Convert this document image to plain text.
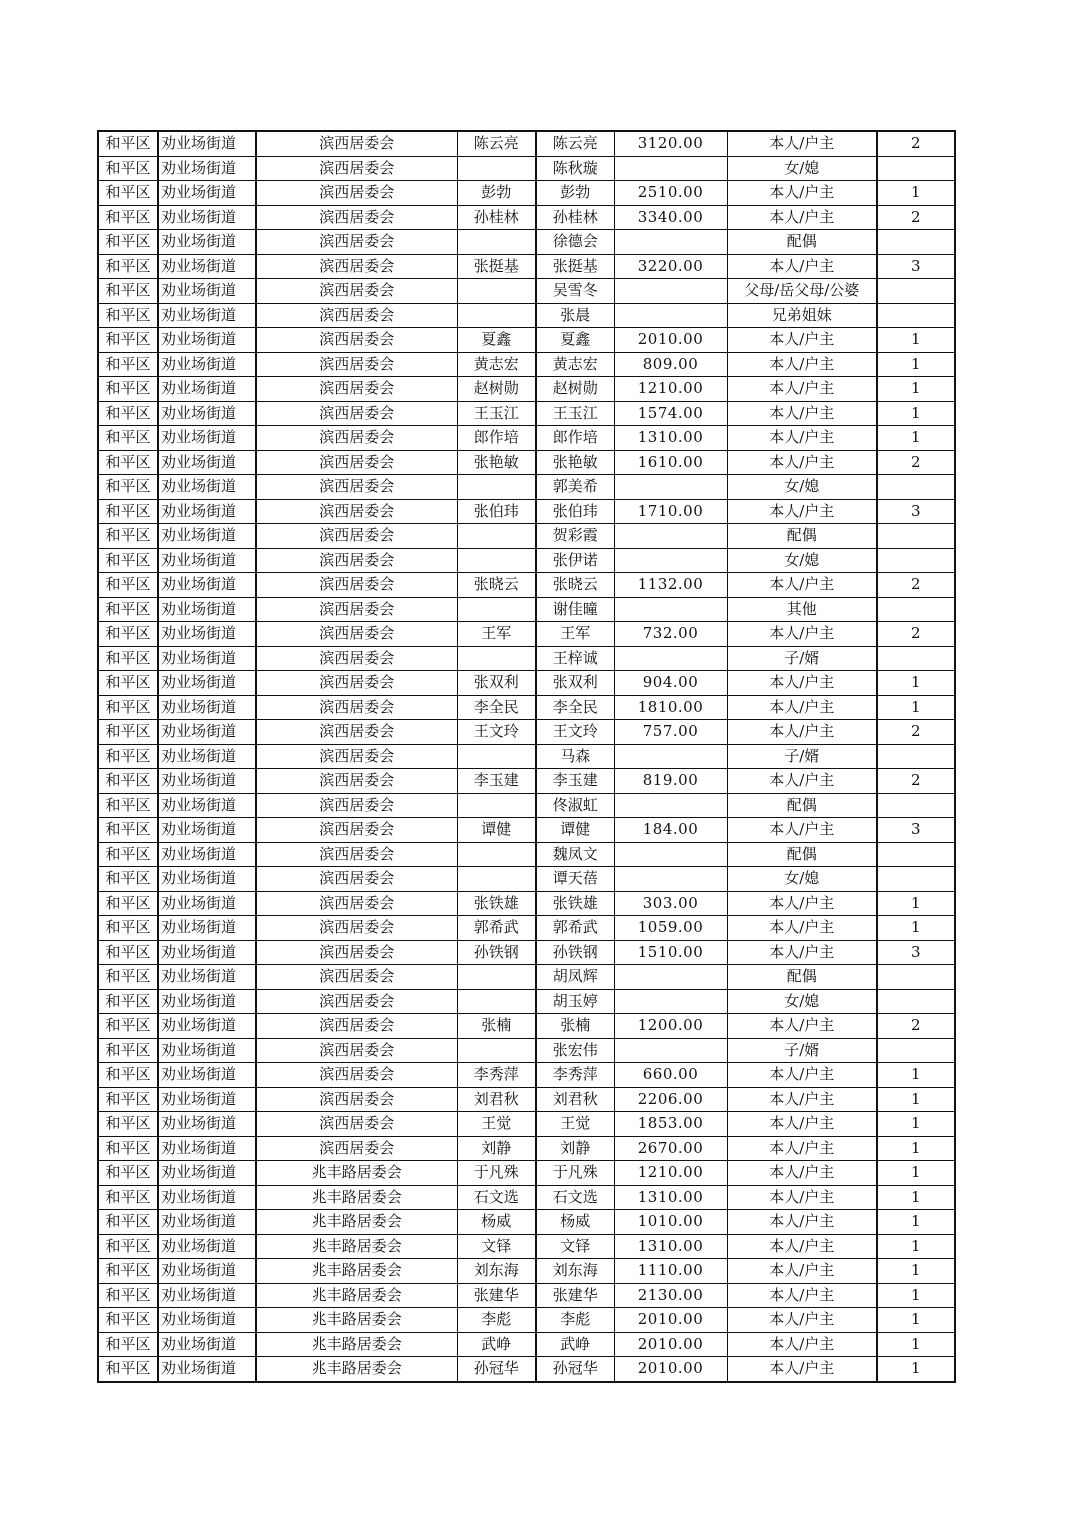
和平区	劝业场街道	滨西居委会	陈云亮	陈云亮	3120.00	本人/户主	2
和平区	劝业场街道	滨西居委会		陈秋璇		女/媳	
和平区	劝业场街道	滨西居委会	彭勃	彭勃	2510.00	本人/户主	1
和平区	劝业场街道	滨西居委会	孙桂林	孙桂林	3340.00	本人/户主	2
和平区	劝业场街道	滨西居委会		徐德会		配偶	
和平区	劝业场街道	滨西居委会	张挺基	张挺基	3220.00	本人/户主	3
和平区	劝业场街道	滨西居委会		吴雪冬		父母/岳父母/公婆	
和平区	劝业场街道	滨西居委会		张晨		兄弟姐妹	
和平区	劝业场街道	滨西居委会	夏鑫	夏鑫	2010.00	本人/户主	1
和平区	劝业场街道	滨西居委会	黄志宏	黄志宏	809.00	本人/户主	1
和平区	劝业场街道	滨西居委会	赵树勋	赵树勋	1210.00	本人/户主	1
和平区	劝业场街道	滨西居委会	王玉江	王玉江	1574.00	本人/户主	1
和平区	劝业场街道	滨西居委会	郎作培	郎作培	1310.00	本人/户主	1
和平区	劝业场街道	滨西居委会	张艳敏	张艳敏	1610.00	本人/户主	2
和平区	劝业场街道	滨西居委会		郭美希		女/媳	
和平区	劝业场街道	滨西居委会	张伯玮	张伯玮	1710.00	本人/户主	3
和平区	劝业场街道	滨西居委会		贺彩霞		配偶	
和平区	劝业场街道	滨西居委会		张伊诺		女/媳	
和平区	劝业场街道	滨西居委会	张晓云	张晓云	1132.00	本人/户主	2
和平区	劝业场街道	滨西居委会		谢佳曈		其他	
和平区	劝业场街道	滨西居委会	王军	王军	732.00	本人/户主	2
和平区	劝业场街道	滨西居委会		王梓诚		子/婿	
和平区	劝业场街道	滨西居委会	张双利	张双利	904.00	本人/户主	1
和平区	劝业场街道	滨西居委会	李全民	李全民	1810.00	本人/户主	1
和平区	劝业场街道	滨西居委会	王文玲	王文玲	757.00	本人/户主	2
和平区	劝业场街道	滨西居委会		马森		子/婿	
和平区	劝业场街道	滨西居委会	李玉建	李玉建	819.00	本人/户主	2
和平区	劝业场街道	滨西居委会		佟淑虹		配偶	
和平区	劝业场街道	滨西居委会	谭健	谭健	184.00	本人/户主	3
和平区	劝业场街道	滨西居委会		魏凤文		配偶	
和平区	劝业场街道	滨西居委会		谭天蓓		女/媳	
和平区	劝业场街道	滨西居委会	张铁雄	张铁雄	303.00	本人/户主	1
和平区	劝业场街道	滨西居委会	郭希武	郭希武	1059.00	本人/户主	1
和平区	劝业场街道	滨西居委会	孙铁钢	孙铁钢	1510.00	本人/户主	3
和平区	劝业场街道	滨西居委会		胡凤辉		配偶	
和平区	劝业场街道	滨西居委会		胡玉婷		女/媳	
和平区	劝业场街道	滨西居委会	张楠	张楠	1200.00	本人/户主	2
和平区	劝业场街道	滨西居委会		张宏伟		子/婿	
和平区	劝业场街道	滨西居委会	李秀萍	李秀萍	660.00	本人/户主	1
和平区	劝业场街道	滨西居委会	刘君秋	刘君秋	2206.00	本人/户主	1
和平区	劝业场街道	滨西居委会	王觉	王觉	1853.00	本人/户主	1
和平区	劝业场街道	滨西居委会	刘静	刘静	2670.00	本人/户主	1
和平区	劝业场街道	兆丰路居委会	于凡殊	于凡殊	1210.00	本人/户主	1
和平区	劝业场街道	兆丰路居委会	石文选	石文选	1310.00	本人/户主	1
和平区	劝业场街道	兆丰路居委会	杨威	杨威	1010.00	本人/户主	1
和平区	劝业场街道	兆丰路居委会	文铎	文铎	1310.00	本人/户主	1
和平区	劝业场街道	兆丰路居委会	刘东海	刘东海	1110.00	本人/户主	1
和平区	劝业场街道	兆丰路居委会	张建华	张建华	2130.00	本人/户主	1
和平区	劝业场街道	兆丰路居委会	李彪	李彪	2010.00	本人/户主	1
和平区	劝业场街道	兆丰路居委会	武峥	武峥	2010.00	本人/户主	1
和平区	劝业场街道	兆丰路居委会	孙冠华	孙冠华	2010.00	本人/户主	1
